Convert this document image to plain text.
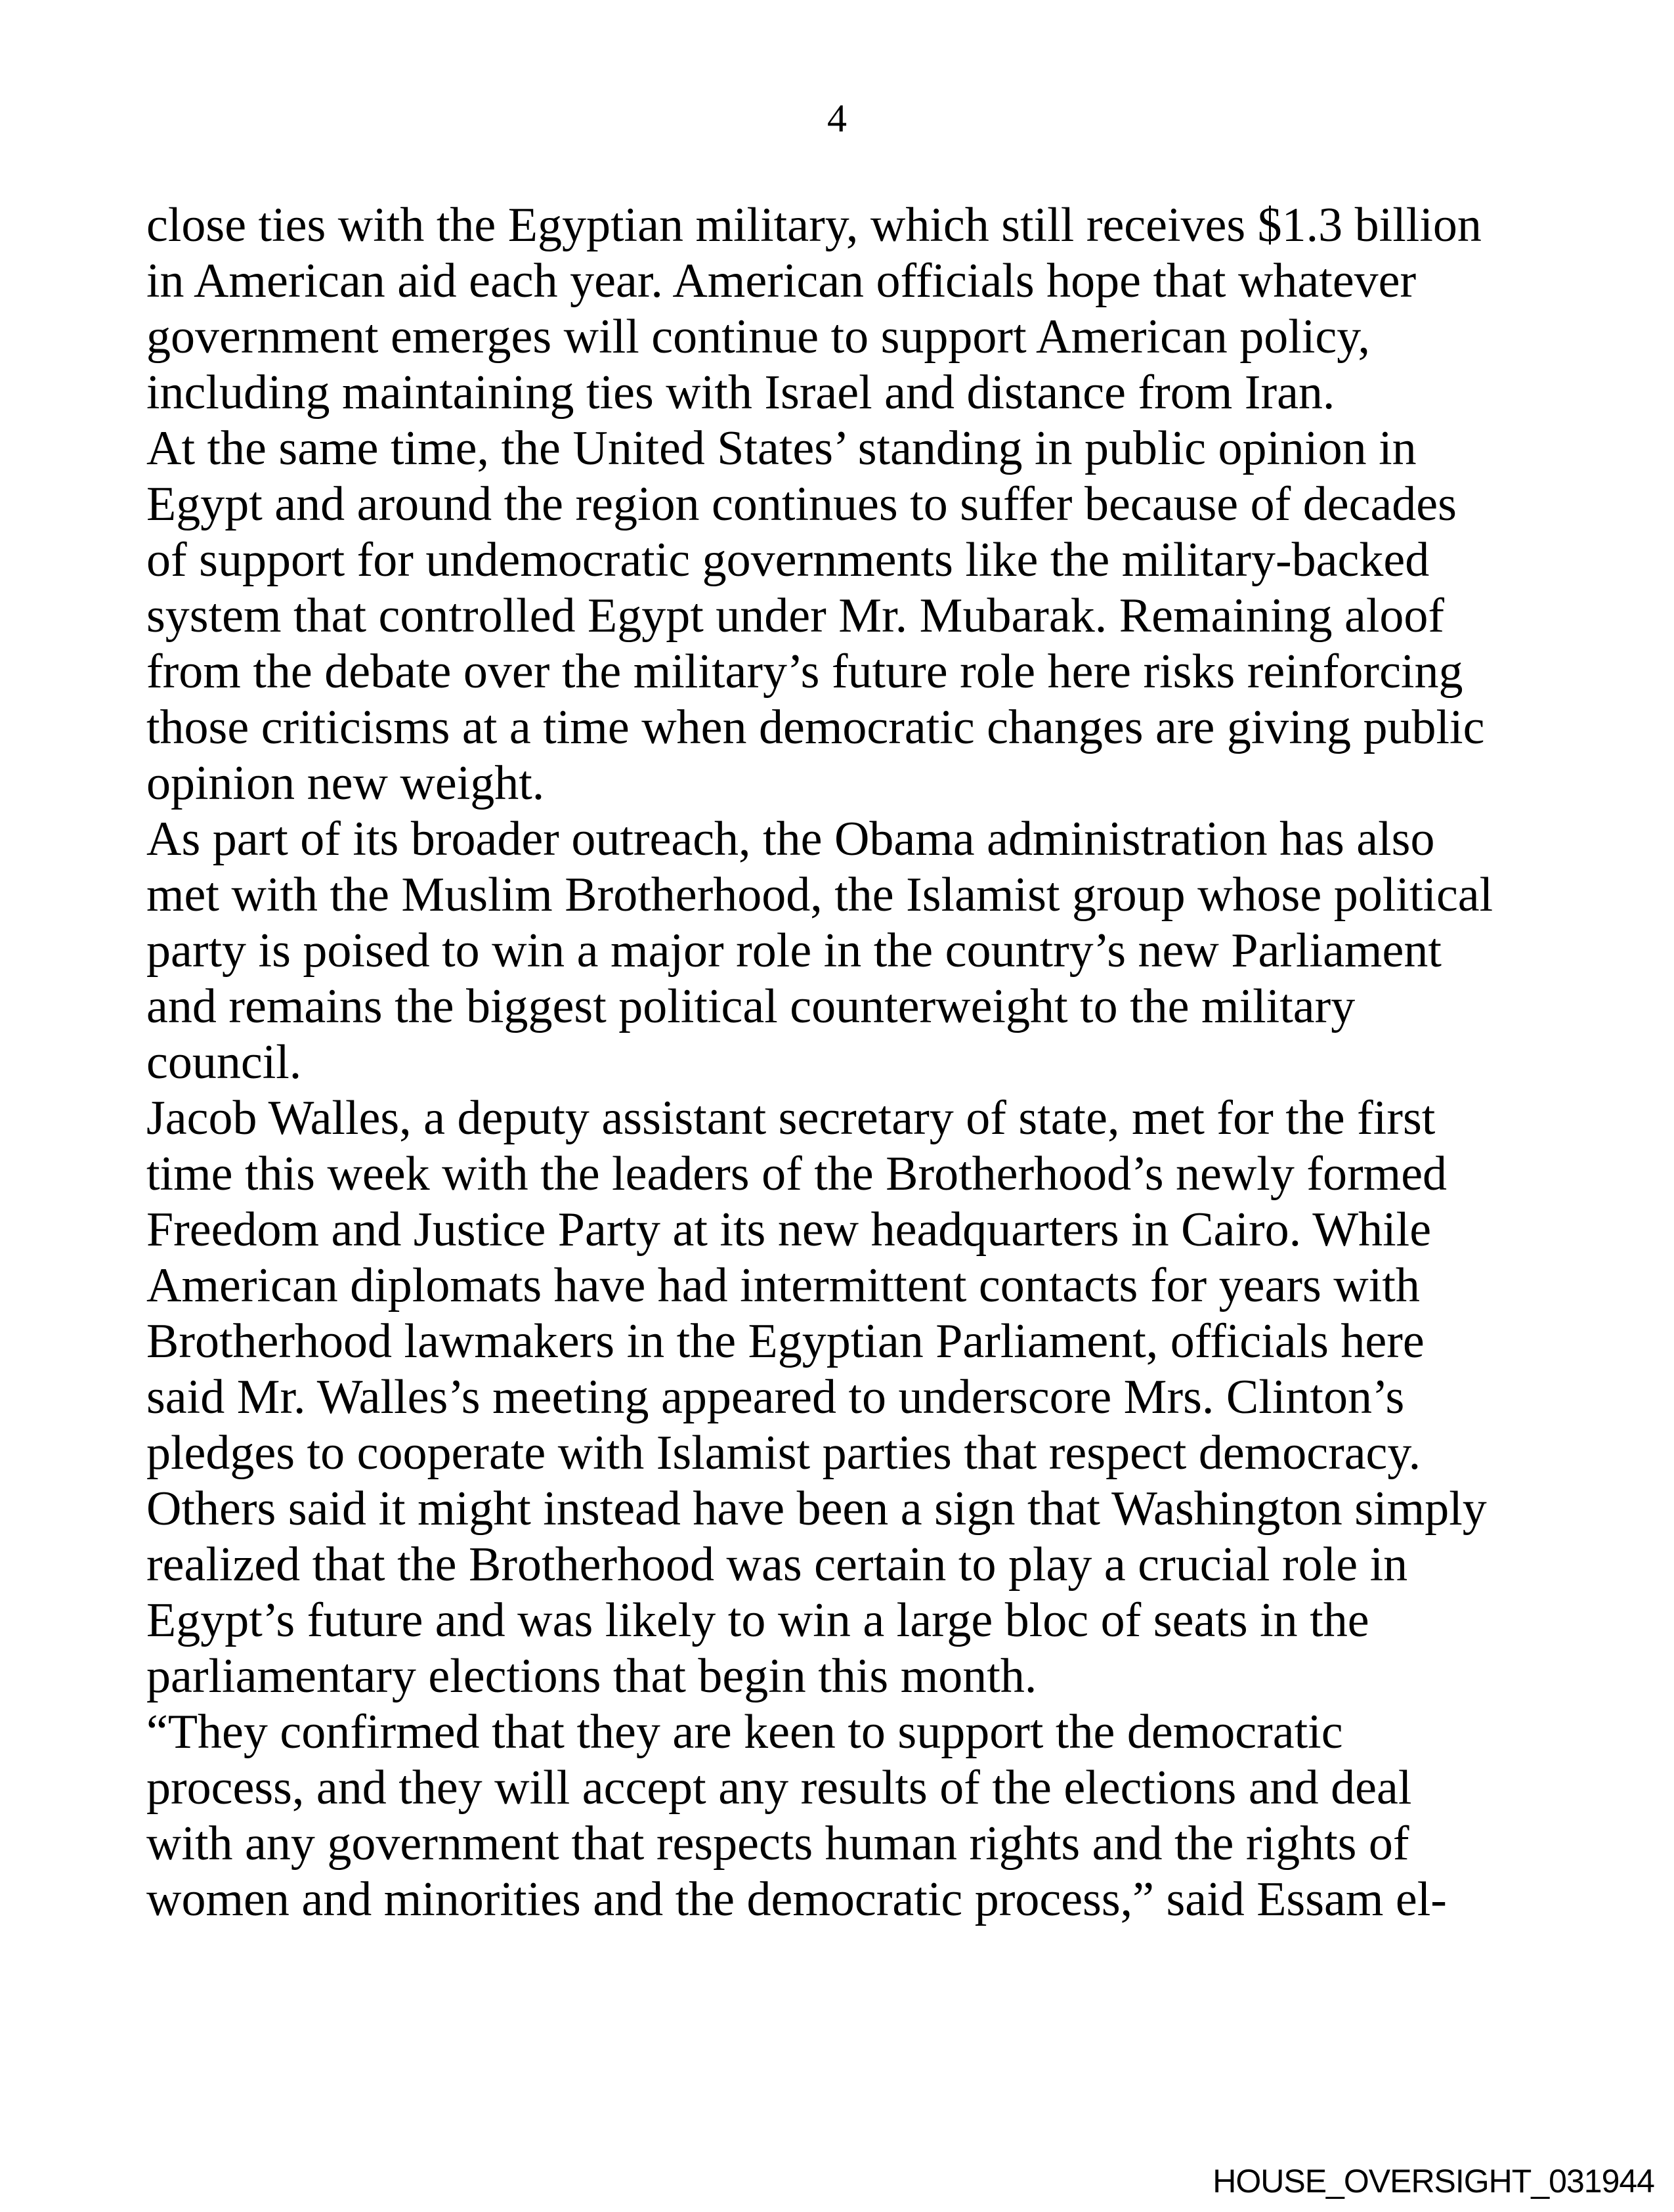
4
close ties with the Egyptian military, which still receives $1.3 billion
in American aid each year. American officials hope that whatever
government emerges will continue to support American policy,
including maintaining ties with Israel and distance from Iran.
At the same time, the United States’ standing in public opinion in
Egypt and around the region continues to suffer because of decades
of support for undemocratic governments like the military-backed
system that controlled Egypt under Mr. Mubarak. Remaining aloof
from the debate over the military’s future role here risks reinforcing
those criticisms at a time when democratic changes are giving public
opinion new weight.
As part of its broader outreach, the Obama administration has also
met with the Muslim Brotherhood, the Islamist group whose political
party is poised to win a major role in the country’s new Parliament
and remains the biggest political counterweight to the military
council.
Jacob Walles, a deputy assistant secretary of state, met for the first
time this week with the leaders of the Brotherhood’s newly formed
Freedom and Justice Party at its new headquarters in Cairo. While
American diplomats have had intermittent contacts for years with
Brotherhood lawmakers in the Egyptian Parliament, officials here
said Mr. Walles’s meeting appeared to underscore Mrs. Clinton’s
pledges to cooperate with Islamist parties that respect democracy.
Others said it might instead have been a sign that Washington simply
realized that the Brotherhood was certain to play a crucial role in
Egypt’s future and was likely to win a large bloc of seats in the
parliamentary elections that begin this month.
“They confirmed that they are keen to support the democratic
process, and they will accept any results of the elections and deal
with any government that respects human rights and the rights of
women and minorities and the democratic process,” said Essam el-
HOUSE_OVERSIGHT_031944
